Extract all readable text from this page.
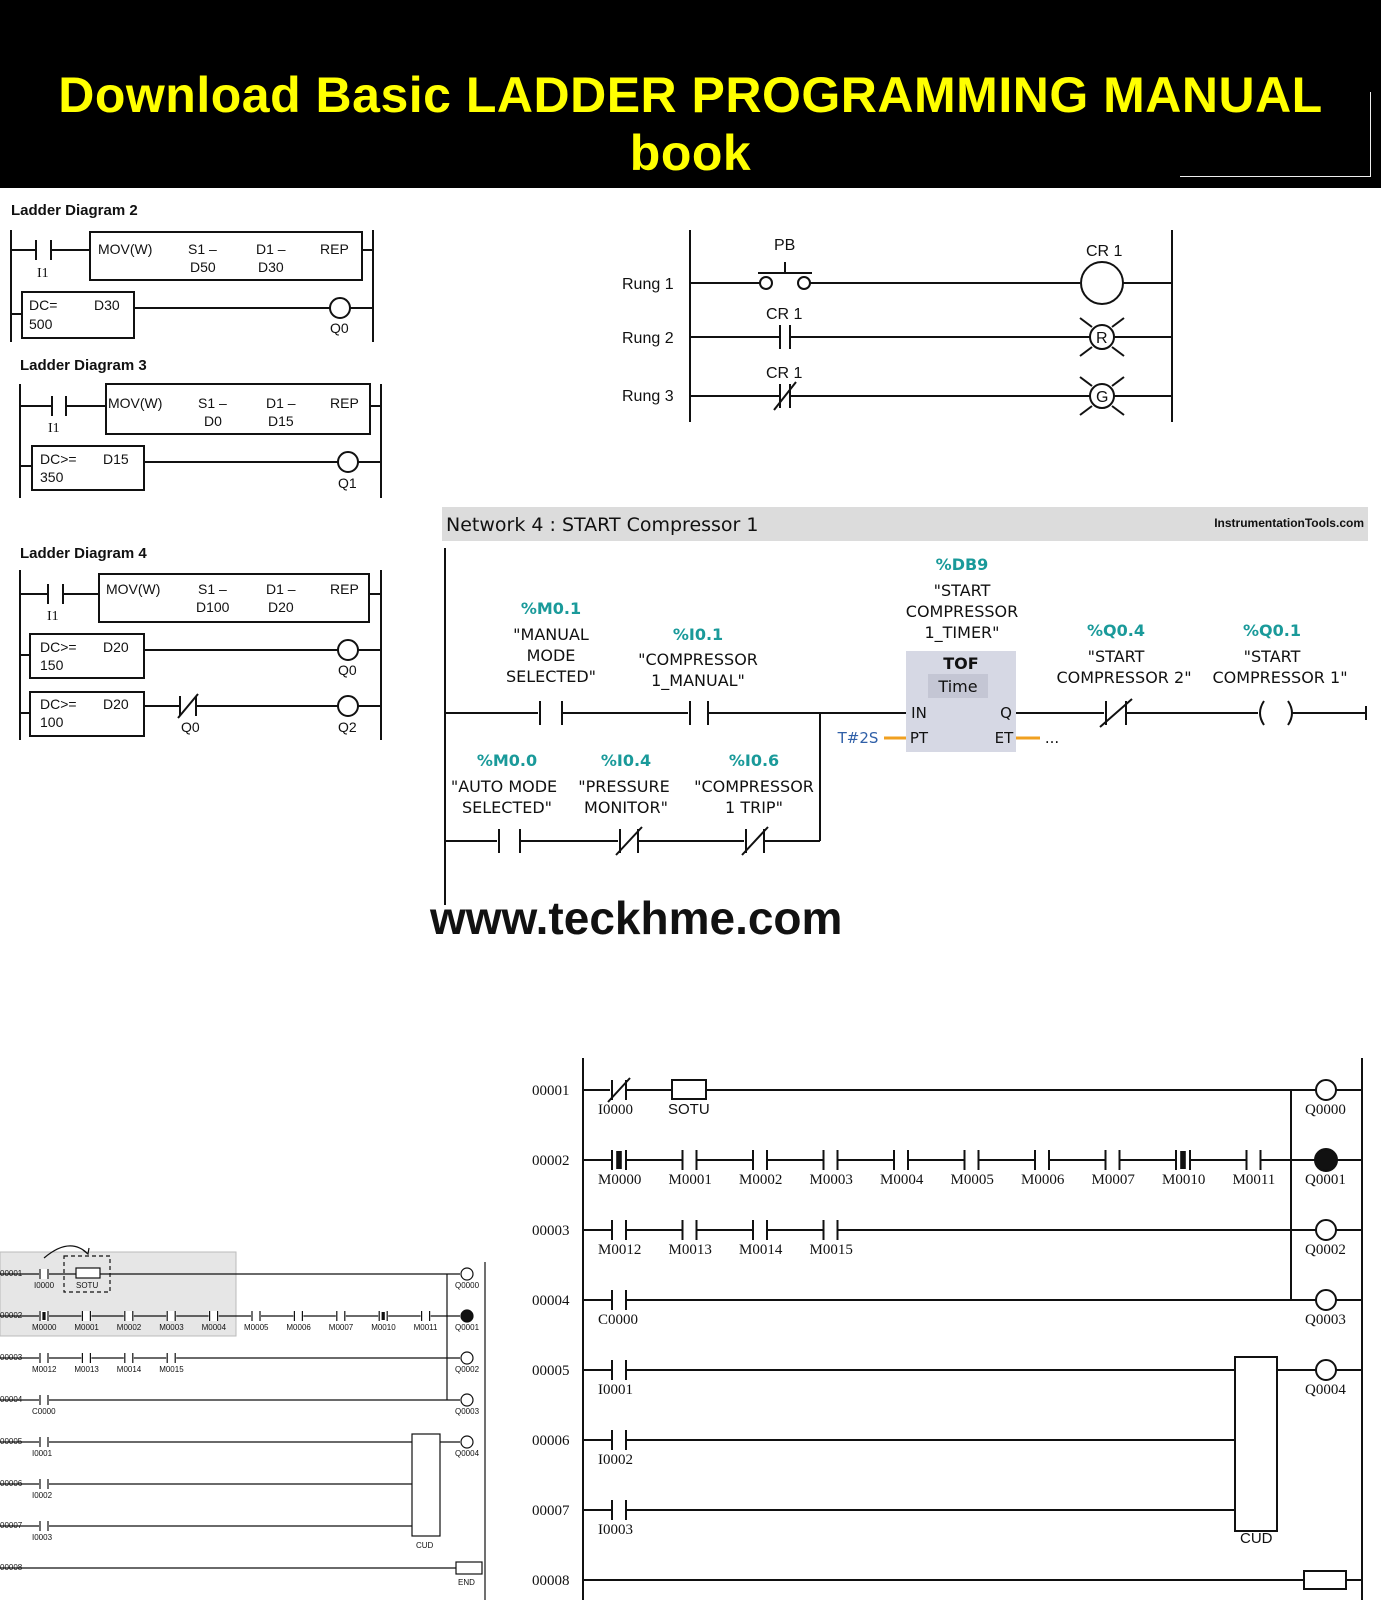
Download Basic LADDER PROGRAMMING MANUAL book
Ladder Diagram 2
I1
MOV(W)	S1 –
D50
D1 –
D30
REP
DC=	D30
500	Q0
Ladder Diagram 3
I1
MOV(W)	S1 –
D0
D1 –
D15
REP
DC>= D15
350	Q1
Ladder Diagram 4
I1
MOV(W)	S1 –
D100
D1 –
D20
REP
DC>= D20
150	Q0
DC>= D20
100	Q0	Q2
Rung 1
Rung 2
Rung 3
PB
CR 1
CR 1
CR 1
R
G
Network 4 : START Compressor 1	InstrumentationTools.com
%M0.1
"MANUAL
MODE
SELECTED"
%I0.1
"COMPRESSOR
1_MANUAL"
%DB9
"START
COMPRESSOR
1_TIMER"
TOF
Time
IN	Q
PT	ET
T#2S	...
%Q0.4
"START
COMPRESSOR 2"
%Q0.1
"START
COMPRESSOR 1"
%M0.0
"AUTO MODE
SELECTED"
%I0.4
"PRESSURE
MONITOR"
%I0.6
"COMPRESSOR
1 TRIP"
www.teckhme.com
00001
00002
00003
00004
00005
00006
00007
00008
I0000 SOTU	Q0000
Q0001
Q0002
Q0003
Q0004
C0000
I0001
I0002
I0003	CUD
M0000 M0001 M0002 M0003 M0004 M0005 M0006 M0007 M0010 M0011
M0012 M0013 M0014 M0015
00001
00002
00003
00004
00005
00006
00007
00008
I0000	SOTU
C0000
I0001
I0002
I0003
CUD
END
Q0000
Q0001
Q0002
Q0003
Q0004
M0000 M0001 M0002 M0003 M0004 M0005 M0006 M0007 M0010 M0011
M0012 M0013 M0014 M0015
